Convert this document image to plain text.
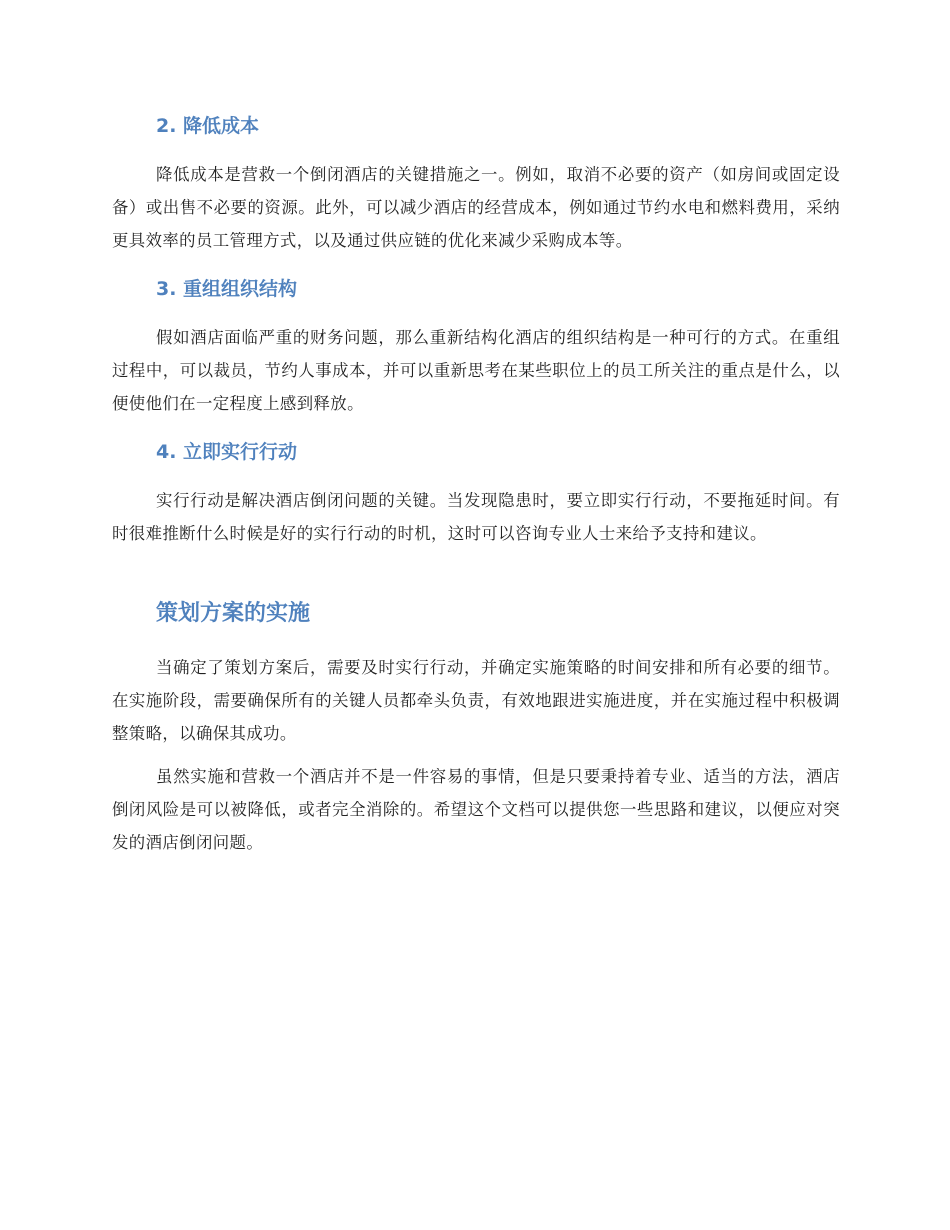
2. 降低成本

降低成本是营救一个倒闭酒店的关键措施之一。例如，取消不必要的资产（如房间或固定设备）或出售不必要的资源。此外，可以减少酒店的经营成本，例如通过节约水电和燃料费用，采纳更具效率的员工管理方式，以及通过供应链的优化来减少采购成本等。

3. 重组组织结构

假如酒店面临严重的财务问题，那么重新结构化酒店的组织结构是一种可行的方式。在重组过程中，可以裁员，节约人事成本，并可以重新思考在某些职位上的员工所关注的重点是什么，以便使他们在一定程度上感到释放。

4. 立即实行行动

实行行动是解决酒店倒闭问题的关键。当发现隐患时，要立即实行行动，不要拖延时间。有时很难推断什么时候是好的实行行动的时机，这时可以咨询专业人士来给予支持和建议。

策划方案的实施

当确定了策划方案后，需要及时实行行动，并确定实施策略的时间安排和所有必要的细节。在实施阶段，需要确保所有的关键人员都牵头负责，有效地跟进实施进度，并在实施过程中积极调整策略，以确保其成功。

虽然实施和营救一个酒店并不是一件容易的事情，但是只要秉持着专业、适当的方法，酒店倒闭风险是可以被降低，或者完全消除的。希望这个文档可以提供您一些思路和建议，以便应对突发的酒店倒闭问题。
